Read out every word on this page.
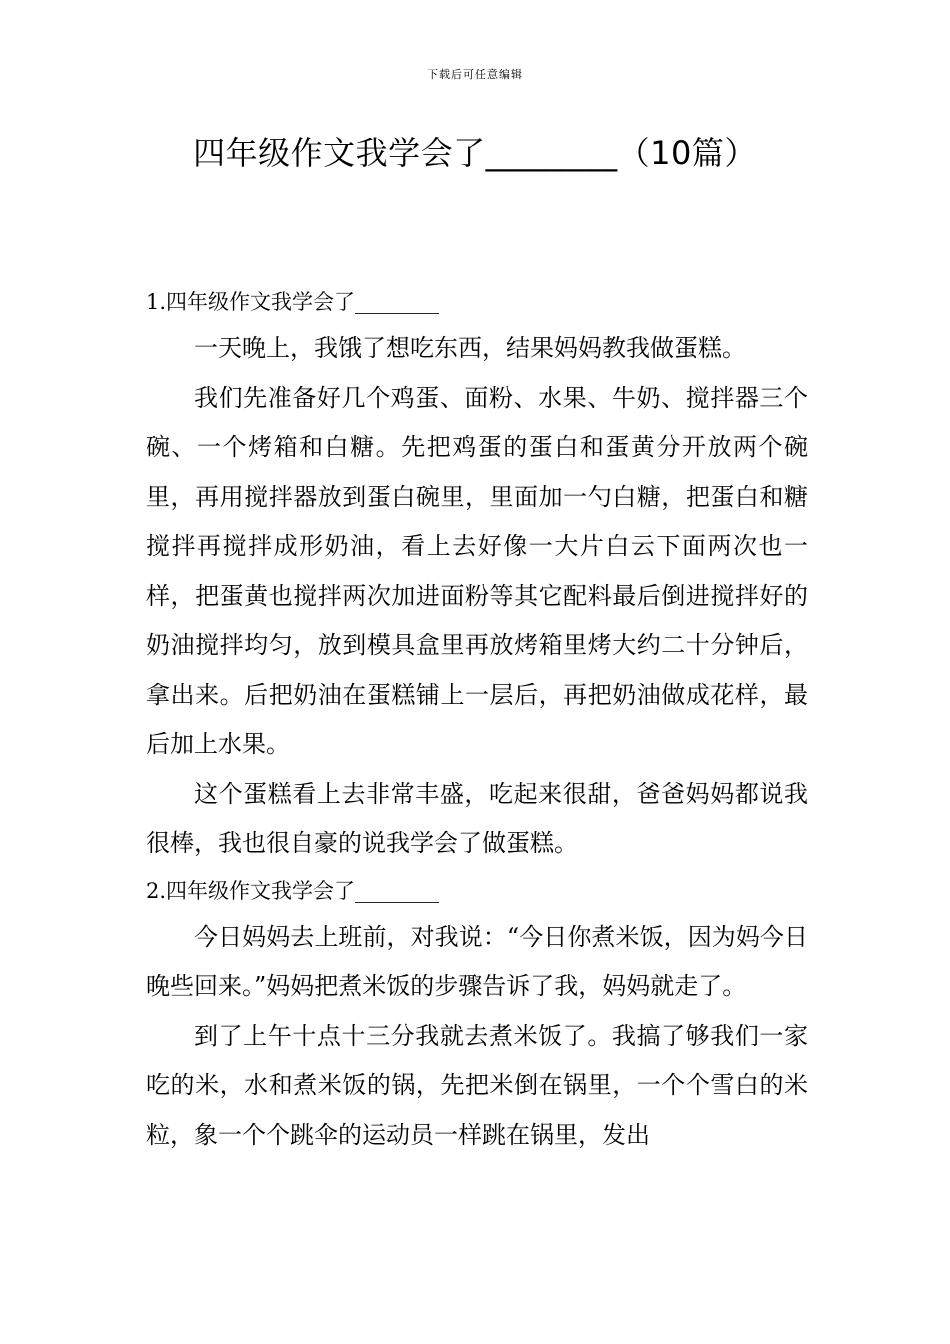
下载后可任意编辑
四年级作文我学会了________（10篇）
1.四年级作文我学会了________

一天晚上，我饿了想吃东西，结果妈妈教我做蛋糕。

我们先准备好几个鸡蛋、面粉、水果、牛奶、搅拌器三个碗、一个烤箱和白糖。先把鸡蛋的蛋白和蛋黄分开放两个碗里，再用搅拌器放到蛋白碗里，里面加一勺白糖，把蛋白和糖搅拌再搅拌成形奶油，看上去好像一大片白云下面两次也一样，把蛋黄也搅拌两次加进面粉等其它配料最后倒进搅拌好的奶油搅拌均匀，放到模具盒里再放烤箱里烤大约二十分钟后，拿出来。后把奶油在蛋糕铺上一层后，再把奶油做成花样，最后加上水果。

这个蛋糕看上去非常丰盛，吃起来很甜，爸爸妈妈都说我很棒，我也很自豪的说我学会了做蛋糕。

2.四年级作文我学会了________

今日妈妈去上班前，对我说：“今日你煮米饭，因为妈今日晚些回来。”妈妈把煮米饭的步骤告诉了我，妈妈就走了。

到了上午十点十三分我就去煮米饭了。我搞了够我们一家吃的米，水和煮米饭的锅，先把米倒在锅里，一个个雪白的米粒，象一个个跳伞的运动员一样跳在锅里，发出
